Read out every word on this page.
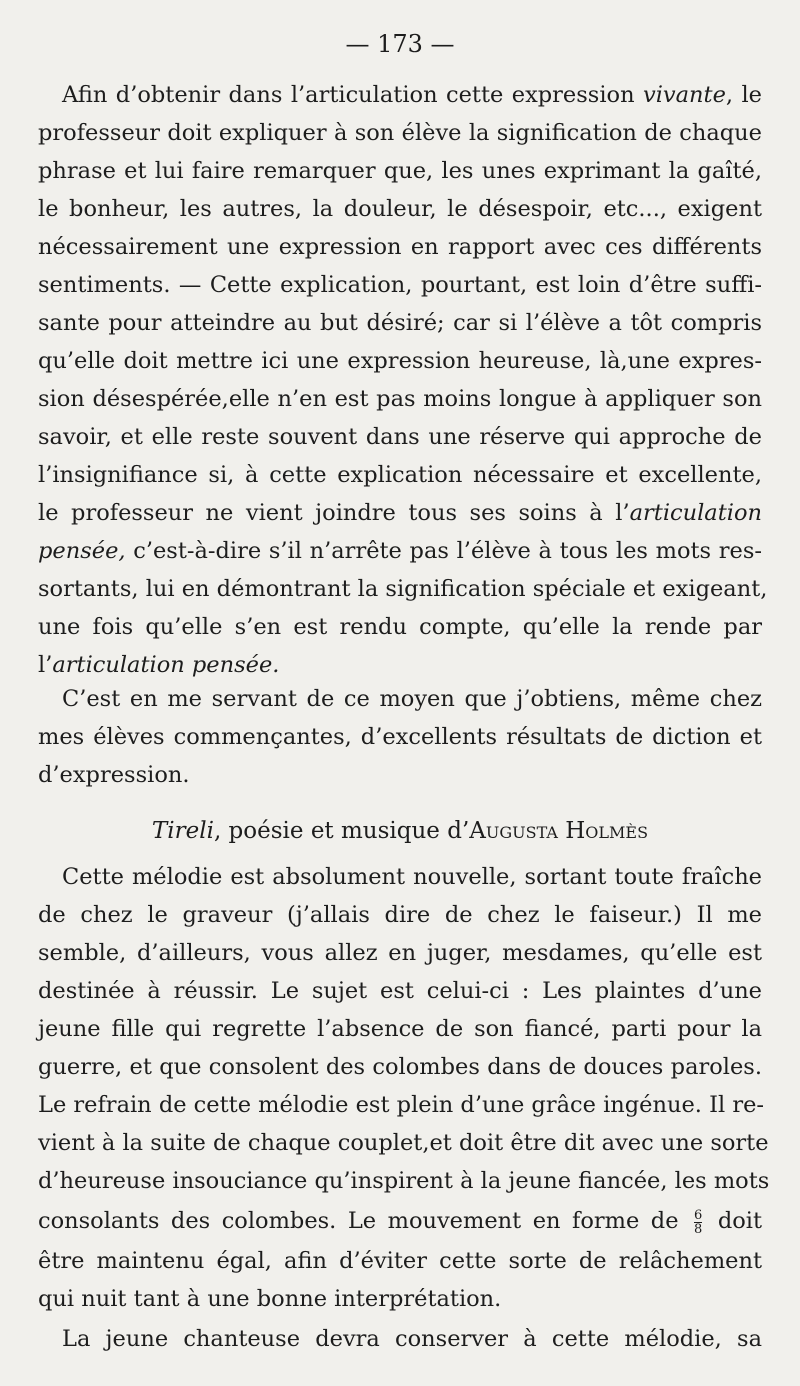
— 173 —
Afin d’obtenir dans l’articulation cette expression vivante, le
professeur doit expliquer à son élève la signification de chaque
phrase et lui faire remarquer que, les unes exprimant la gaîté,
le bonheur, les autres, la douleur, le désespoir, etc..., exigent
nécessairement une expression en rapport avec ces différents
sentiments. — Cette explication, pourtant, est loin d’être suffi-
sante pour atteindre au but désiré; car si l’élève a tôt compris
qu’elle doit mettre ici une expression heureuse, là,une expres-
sion désespérée,elle n’en est pas moins longue à appliquer son
savoir, et elle reste souvent dans une réserve qui approche de
l’insignifiance si, à cette explication nécessaire et excellente,
le professeur ne vient joindre tous ses soins à l’articulation
pensée, c’est-à-dire s’il n’arrête pas l’élève à tous les mots res-
sortants, lui en démontrant la signification spéciale et exigeant,
une fois qu’elle s’en est rendu compte, qu’elle la rende par
l’articulation pensée.
C’est en me servant de ce moyen que j’obtiens, même chez
mes élèves commençantes, d’excellents résultats de diction et
d’expression.
Tireli, poésie et musique d’Augusta Holmès
Cette mélodie est absolument nouvelle, sortant toute fraîche
de chez le graveur (j’allais dire de chez le faiseur.) Il me
semble, d’ailleurs, vous allez en juger, mesdames, qu’elle est
destinée à réussir. Le sujet est celui-ci : Les plaintes d’une
jeune fille qui regrette l’absence de son fiancé, parti pour la
guerre, et que consolent des colombes dans de douces paroles.
Le refrain de cette mélodie est plein d’une grâce ingénue. Il re-
vient à la suite de chaque couplet,et doit être dit avec une sorte
d’heureuse insouciance qu’inspirent à la jeune fiancée, les mots
consolants des colombes. Le mouvement en forme de $\frac{6}{8}$ doit
être maintenu égal, afin d’éviter cette sorte de relâchement
qui nuit tant à une bonne interprétation.
La jeune chanteuse devra conserver à cette mélodie, sa
